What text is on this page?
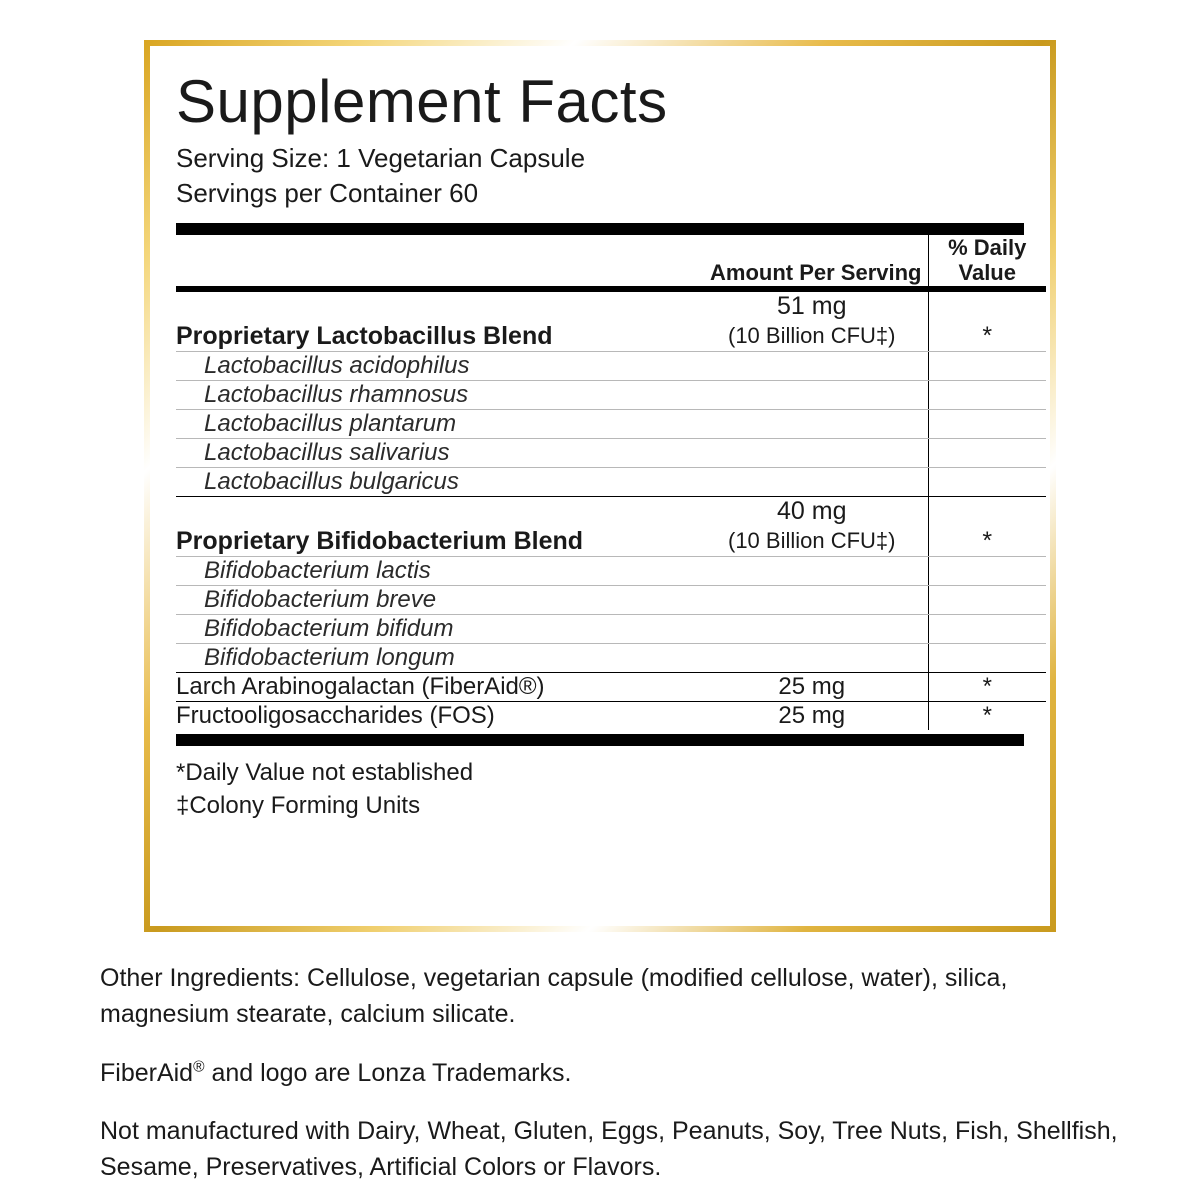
Supplement Facts
Serving Size: 1 Vegetarian Capsule
Servings per Container 60
	Amount Per Serving	% Daily
Value

Proprietary Lactobacillus Blend	51 mg
(10 Billion CFU‡)	*

Lactobacillus acidophilus		

Lactobacillus rhamnosus		

Lactobacillus plantarum		

Lactobacillus salivarius		

Lactobacillus bulgaricus		

Proprietary Bifidobacterium Blend	40 mg
(10 Billion CFU‡)	*

Bifidobacterium lactis		

Bifidobacterium breve		

Bifidobacterium bifidum		

Bifidobacterium longum		

Larch Arabinogalactan (FiberAid®)	25 mg	*

Fructooligosaccharides (FOS)	25 mg	*
*Daily Value not established
‡Colony Forming Units

Other Ingredients: Cellulose, vegetarian capsule (modified cellulose, water), silica, magnesium stearate, calcium silicate.

FiberAid® and logo are Lonza Trademarks.

Not manufactured with Dairy, Wheat, Gluten, Eggs, Peanuts, Soy, Tree Nuts, Fish, Shellfish, Sesame, Preservatives, Artificial Colors or Flavors.
